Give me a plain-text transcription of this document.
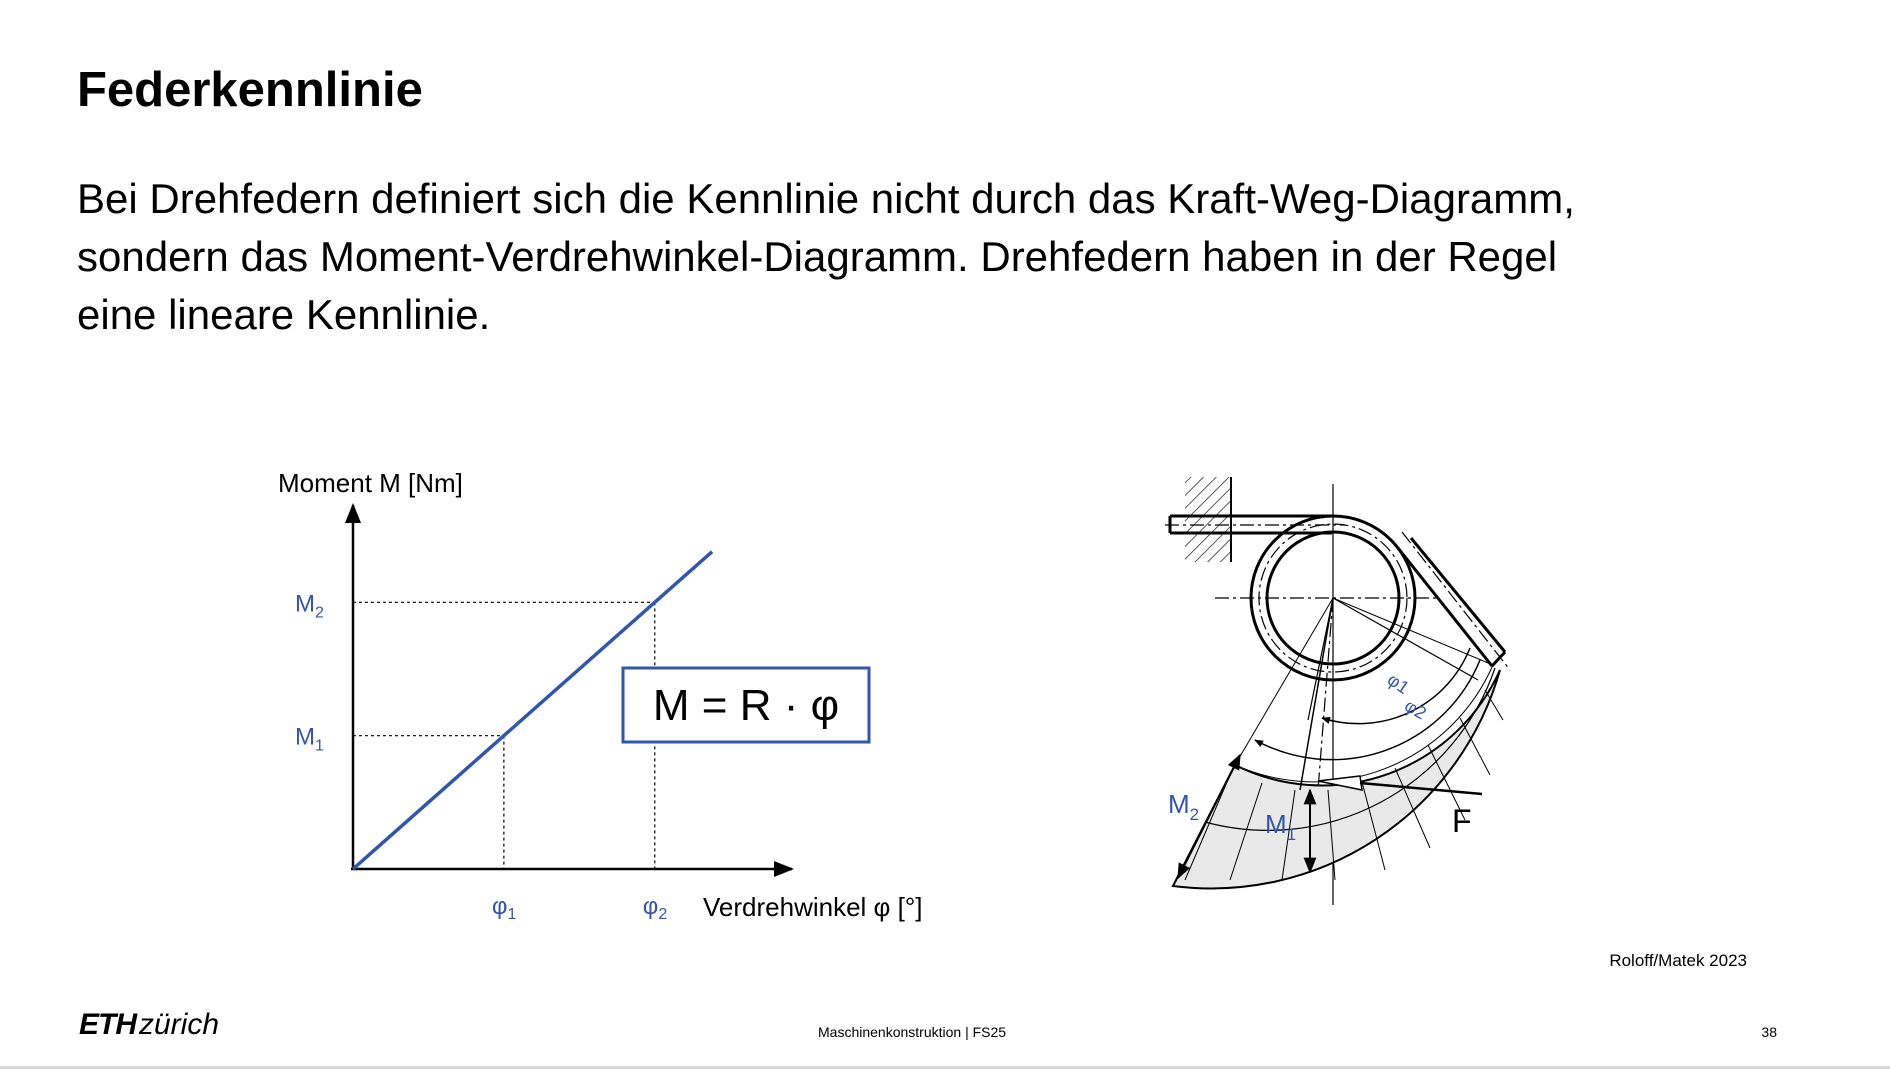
Federkennlinie

Bei Drehfedern definiert sich die Kennlinie nicht durch das Kraft-Weg-Diagramm,
sondern das Moment-Verdrehwinkel-Diagramm. Drehfedern haben in der Regel
eine lineare Kennlinie.

Moment M [Nm]
Verdrehwinkel φ [°]
$\varphi_1$	$\varphi_2$
$M_1$
$M_2$
M = R · φ
$M_2$	$M_1$
φ1
φ2
F
Roloff/Matek 2023
ETH zürich	Maschinenkonstruktion | FS25	38
